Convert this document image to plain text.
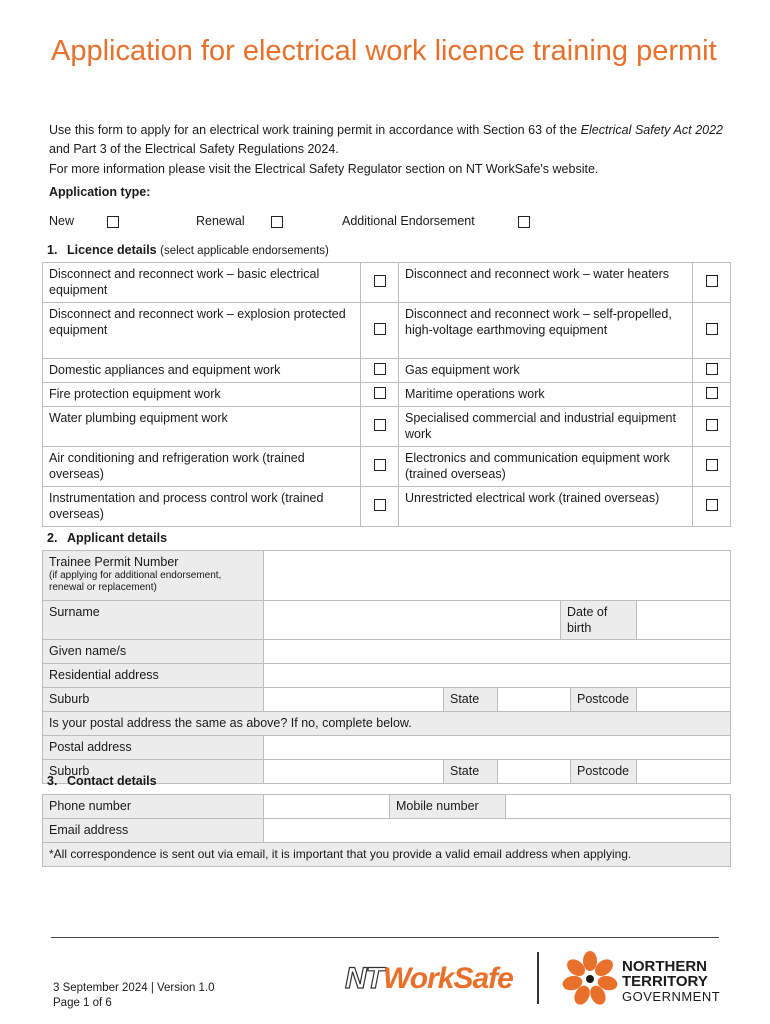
Application for electrical work licence training permit

Use this form to apply for an electrical work training permit in accordance with Section 63 of the Electrical Safety Act 2022 and Part 3 of the Electrical Safety Regulations 2024.

For more information please visit the Electrical Safety Regulator section on NT WorkSafe's website.

Application type:
New	Renewal	Additional Endorsement
1. Licence details (select applicable endorsements)
Disconnect and reconnect work – basic electrical equipment		Disconnect and reconnect work – water heaters	
Disconnect and reconnect work – explosion protected equipment		Disconnect and reconnect work – self-propelled, high-voltage earthmoving equipment	
Domestic appliances and equipment work		Gas equipment work	
Fire protection equipment work		Maritime operations work	
Water plumbing equipment work		Specialised commercial and industrial equipment work	
Air conditioning and refrigeration work (trained overseas)		Electronics and communication equipment work (trained overseas)	
Instrumentation and process control work (trained overseas)		Unrestricted electrical work (trained overseas)	
2. Applicant details
Trainee Permit Number
(if applying for additional endorsement, renewal or replacement)						

Surname				Date of birth		
Given name/s						
Residential address						
Suburb		State			Postcode	
Is your postal address the same as above? If no, complete below.						
Postal address						
Suburb		State			Postcode	
3. Contact details
Phone number		Mobile number	
Email address			
*All correspondence is sent out via email, it is important that you provide a valid email address when applying.			
3 September 2024 | Version 1.0
Page 1 of 6
NTWorkSafe	NORTHERN
TERRITORY
GOVERNMENT
